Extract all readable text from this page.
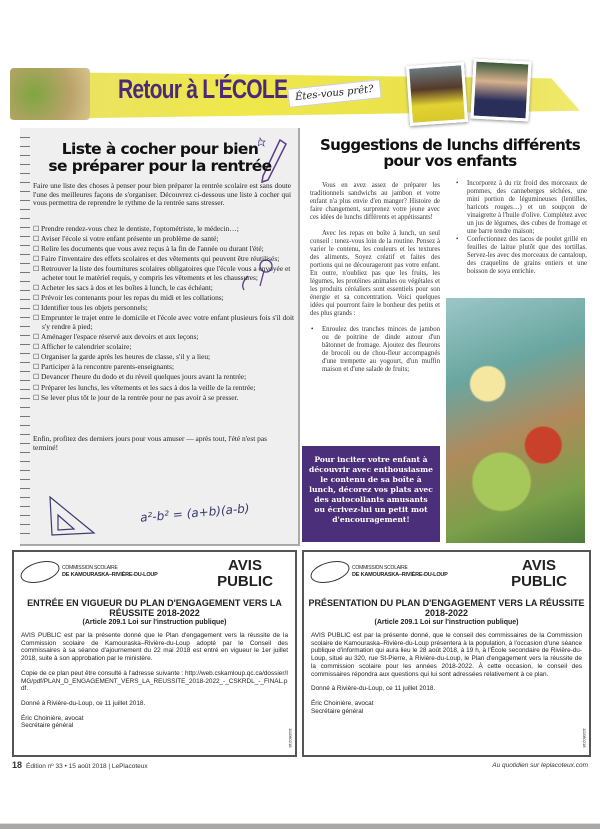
Retour à L'ÉCOLE Êtes-vous prêt?
Liste à cocher pour bien
se préparer pour la rentrée

Faire une liste des choses à penser pour bien préparer la rentrée scolaire est sans doute l'une des meilleures façons de s'organiser. Découvrez ci-dessous une liste à cocher qui vous permettra de reprendre le rythme de la rentrée sans stresser.

☐ Prendre rendez-vous chez le dentiste, l'optométriste, le médecin…;
☐ Aviser l'école si votre enfant présente un problème de santé;
☐ Relire les documents que vous avez reçus à la fin de l'année ou durant l'été;
☐ Faire l'inventaire des effets scolaires et des vêtements qui peuvent être réutilisés;
☐ Retrouver la liste des fournitures scolaires obligatoires que l'école vous a envoyée et acheter tout le matériel requis, y compris les vêtements et les chaussures;
☐ Acheter les sacs à dos et les boîtes à lunch, le cas échéant;
☐ Prévoir les contenants pour les repas du midi et les collations;
☐ Identifier tous les objets personnels;
☐ Emprunter le trajet entre le domicile et l'école avec votre enfant plusieurs fois s'il doit s'y rendre à pied;
☐ Aménager l'espace réservé aux devoirs et aux leçons;
☐ Afficher le calendrier scolaire;
☐ Organiser la garde après les heures de classe, s'il y a lieu;
☐ Participer à la rencontre parents-enseignants;
☐ Devancer l'heure du dodo et du réveil quelques jours avant la rentrée;
☐ Préparer les lunchs, les vêtements et les sacs à dos la veille de la rentrée;
☐ Se lever plus tôt le jour de la rentrée pour ne pas avoir à se presser.

Enfin, profitez des derniers jours pour vous amuser — après tout, l'été n'est pas terminé!

a²-b² = (a+b)(a-b)
Suggestions de lunchs différents
pour vos enfants

Vous en avez assez de préparer les traditionnels sandwichs au jambon et votre enfant n'a plus envie d'en manger? Histoire de faire changement, surprenez votre jeune avec ces idées de lunchs différents et appétissants!

Avec les repas en boîte à lunch, un seul conseil : tenez-vous loin de la routine. Pensez à varier le contenu, les couleurs et les textures des aliments. Soyez créatif et faites des portions qui ne décourageront pas votre enfant. En outre, n'oubliez pas que les fruits, les légumes, les protéines animales ou végétales et les produits céréaliers sont essentiels pour son énergie et sa concentration. Voici quelques idées qui pourront faire le bonheur des petits et des plus grands :

• Enroulez des tranches minces de jambon ou de poitrine de dinde autour d'un bâtonnet de fromage. Ajoutez des fleurons de brocoli ou de chou-fleur accompagnés d'une trempette au yogourt, d'un muffin maison et d'une salade de fruits;
• Incorporez à du riz froid des morceaux de pommes, des canneberges séchées, une mini portion de légumineuses (lentilles, haricots rouges…) et un soupçon de vinaigrette à l'huile d'olive. Complétez avec un jus de légumes, des cubes de fromage et une barre tendre maison;
• Confectionnez des tacos de poulet grillé en feuilles de laitue plutôt que des tortillas. Servez-les avec des morceaux de cantaloup, des craquelins de grains entiers et une boisson de soya enrichie.
Pour inciter votre enfant à découvrir avec enthousiasme le contenu de sa boîte à lunch, décorez vos plats avec des autocollants amusants ou écrivez-lui un petit mot d'encouragement!
COMMISSION SCOLAIRE
DE KAMOURASKA–RIVIÈRE-DU-LOUP
AVIS PUBLIC
ENTRÉE EN VIGUEUR DU PLAN D'ENGAGEMENT VERS LA RÉUSSITE 2018-2022
(Article 209.1 Loi sur l'instruction publique)

AVIS PUBLIC est par la présente donné que le Plan d'engagement vers la réussite de la Commission scolaire de Kamouraska–Rivière-du-Loup adopté par le Conseil des commissaires à sa séance d'ajournement du 22 mai 2018 est entré en vigueur le 1er juillet 2018, suite à son approbation par le ministère.

Copie de ce plan peut être consulté à l'adresse suivante : http://web.cskamloup.qc.ca/dossier/IMG/pdf/PLAN_D_ENGAGEMENT_VERS_LA_REUSSITE_2018-2022_-_CSKRDL_-_FINAL.pdf.

Donné à Rivière-du-Loup, ce 11 juillet 2018.

Éric Choinière, avocat
Secrétaire général
111080218
COMMISSION SCOLAIRE
DE KAMOURASKA–RIVIÈRE-DU-LOUP
AVIS PUBLIC
PRÉSENTATION DU PLAN D'ENGAGEMENT VERS LA RÉUSSITE 2018-2022
(Article 209.1 Loi sur l'instruction publique)

AVIS PUBLIC est par la présente donné, que le conseil des commissaires de la Commission scolaire de Kamouraska–Rivière-du-Loup présentera à la population, à l'occasion d'une séance publique d'information qui aura lieu le 28 août 2018, à 19 h, à l'École secondaire de Rivière-du-Loup, situé au 320, rue St-Pierre, à Rivière-du-Loup, le Plan d'engagement vers la réussite de la commission scolaire pour les années 2018-2022. À cette occasion, le conseil des commissaires répondra aux questions qui lui sont adressées relativement à ce plan.

Donné à Rivière-du-Loup, ce 11 juillet 2018.

Éric Choinière, avocat
Secrétaire général
111080218
18 Édition nº 33 • 15 août 2018 | LePlacoteux	Au quotidien sur leplacoteux.com
